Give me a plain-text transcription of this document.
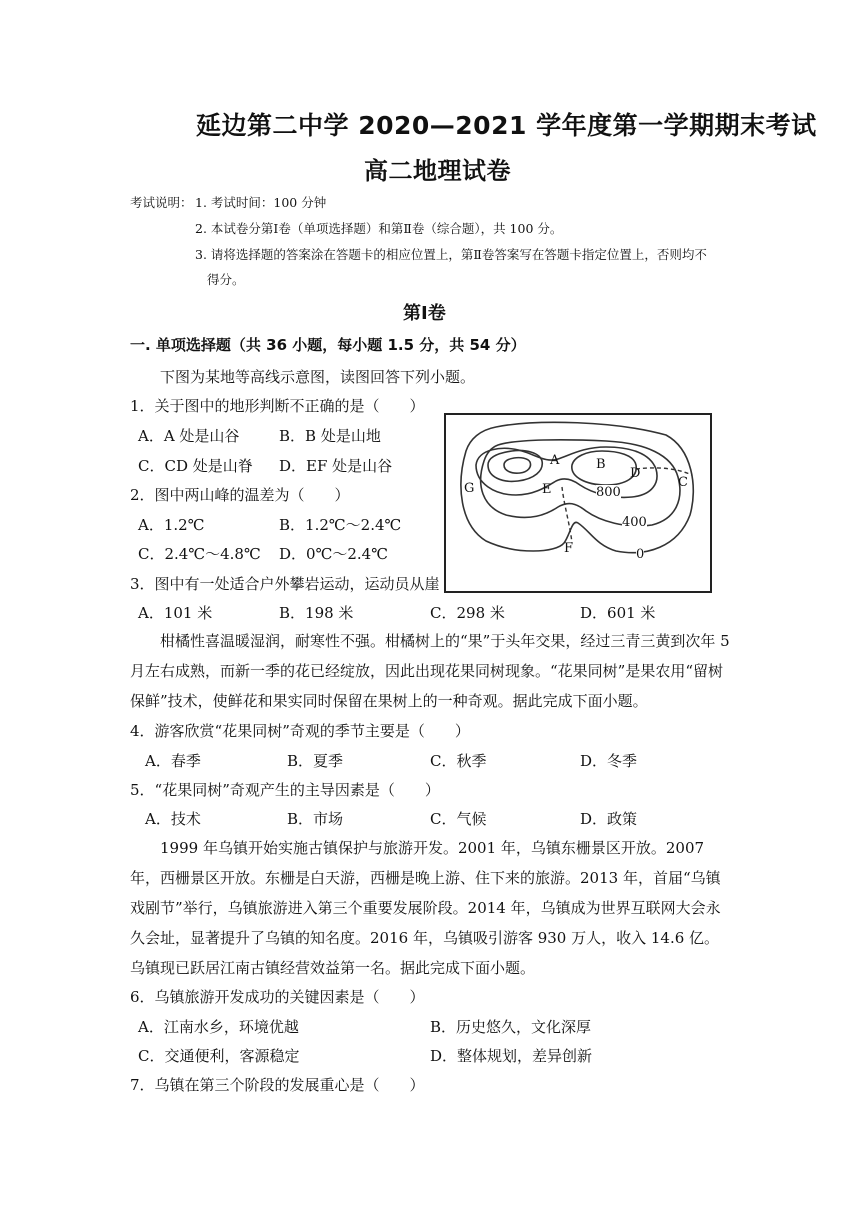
延边第二中学 2020—2021 学年度第一学期期末考试
高二地理试卷
考试说明： 1. 考试时间：100 分钟
2. 本试卷分第Ⅰ卷（单项选择题）和第Ⅱ卷（综合题），共 100 分。
3. 请将选择题的答案涂在答题卡的相应位置上，第Ⅱ卷答案写在答题卡指定位置上，否则均不
得分。
第Ⅰ卷
一. 单项选择题（共 36 小题，每小题 1.5 分，共 54 分）
下图为某地等高线示意图，读图回答下列小题。
1．关于图中的地形判断不正确的是（　　）
A．A 处是山谷	B．B 处是山地
C．CD 处是山脊 D．EF 处是山谷
2．图中两山峰的温差为（　　）
A．1.2℃	B．1.2℃～2.4℃
C．2.4℃～4.8℃ D．0℃～2.4℃
3．图中有一处适合户外攀岩运动，运动员从崖
A．101 米	B．198 米	C．298 米	D．601 米
A	B
C
D
E
F
G	800
400
0
柑橘性喜温暖湿润，耐寒性不强。柑橘树上的“果”于头年交果，经过三青三黄到次年 5 月左右成熟，而新一季的花已经绽放，因此出现花果同树现象。“花果同树”是果农用“留树保鲜”技术，使鲜花和果实同时保留在果树上的一种奇观。据此完成下面小题。
4．游客欣赏“花果同树”奇观的季节主要是（　　）
A．春季	B．夏季	C．秋季	D．冬季
5．“花果同树”奇观产生的主导因素是（　　）
A．技术	B．市场	C．气候	D．政策
1999 年乌镇开始实施古镇保护与旅游开发。2001 年，乌镇东栅景区开放。2007 年，西栅景区开放。东栅是白天游，西栅是晚上游、住下来的旅游。2013 年，首届“乌镇戏剧节”举行，乌镇旅游进入第三个重要发展阶段。2014 年，乌镇成为世界互联网大会永久会址，显著提升了乌镇的知名度。2016 年，乌镇吸引游客 930 万人，收入 14.6 亿。乌镇现已跃居江南古镇经营效益第一名。据此完成下面小题。
6．乌镇旅游开发成功的关键因素是（　　）
A．江南水乡，环境优越	B．历史悠久，文化深厚
C．交通便利，客源稳定	D．整体规划，差异创新
7．乌镇在第三个阶段的发展重心是（　　）
